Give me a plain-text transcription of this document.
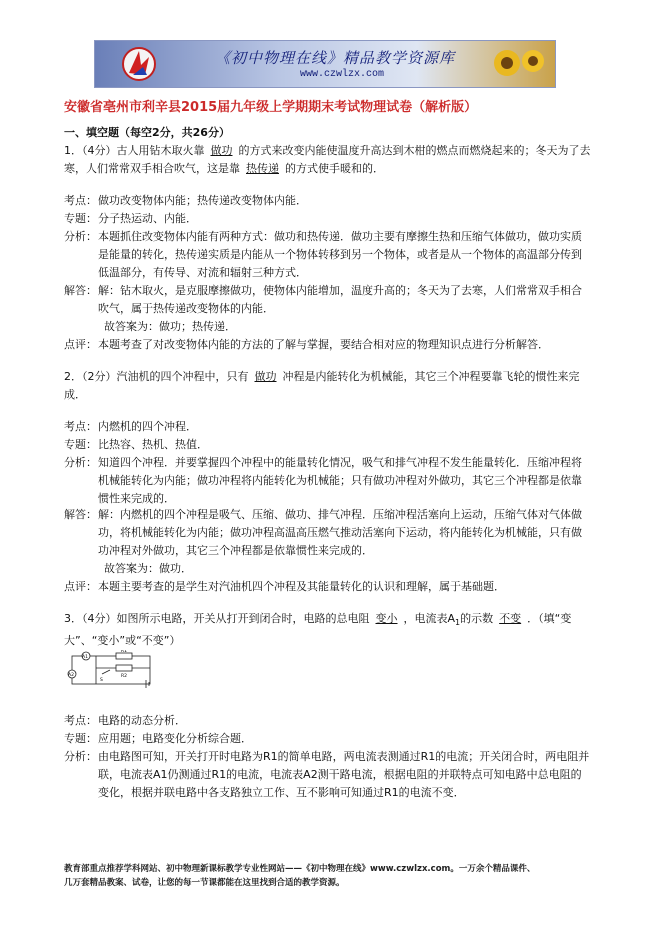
《初中物理在线》精品教学资源库
www.czwlzx.com
安徽省亳州市利辛县2015届九年级上学期期末考试物理试卷（解析版）
一、填空题（每空2分，共26分）
1．（4分）古人用钻木取火靠 做功 的方式来改变内能使温度升高达到木柑的燃点而燃烧起来的；冬天为了去寒，人们常常双手相合吹气，这是靠 热传递 的方式使手暖和的．
考点： 做功改变物体内能；热传递改变物体内能．
专题： 分子热运动、内能．
分析： 本题抓住改变物体内能有两种方式：做功和热传递．做功主要有摩擦生热和压缩气体做功，做功实质是能量的转化，热传递实质是内能从一个物体转移到另一个物体，或者是从一个物体的高温部分传到低温部分，有传导、对流和辐射三种方式．
解答： 解：钻木取火，是克服摩擦做功，使物体内能增加，温度升高的；冬天为了去寒，人们常常双手相合吹气，属于热传递改变物体的内能．
故答案为：做功；热传递．
点评： 本题考查了对改变物体内能的方法的了解与掌握，要结合相对应的物理知识点进行分析解答．
2．（2分）汽油机的四个冲程中，只有 做功 冲程是内能转化为机械能，其它三个冲程要靠飞轮的惯性来完成．
考点： 内燃机的四个冲程．
专题： 比热容、热机、热值．
分析： 知道四个冲程．并要掌握四个冲程中的能量转化情况，吸气和排气冲程不发生能量转化．压缩冲程将机械能转化为内能；做功冲程将内能转化为机械能；只有做功冲程对外做功，其它三个冲程都是依靠惯性来完成的．
解答： 解：内燃机的四个冲程是吸气、压缩、做功、排气冲程．压缩冲程活塞向上运动，压缩气体对气体做功，将机械能转化为内能；做功冲程高温高压燃气推动活塞向下运动，将内能转化为机械能，只有做功冲程对外做功，其它三个冲程都是依靠惯性来完成的．
故答案为：做功．
点评： 本题主要考查的是学生对汽油机四个冲程及其能量转化的认识和理解，属于基础题．
3．（4分）如图所示电路，开关从打开到闭合时，电路的总电阻 变小 ，电流表$A_1$的示数 不变 ．（填“变大”、“变小”或“不变”）
A1
A2
R1
R2
S
考点： 电路的动态分析．
专题： 应用题；电路变化分析综合题．
分析： 由电路图可知，开关打开时电路为R1的简单电路，两电流表测通过R1的电流；开关闭合时，两电阻并联，电流表A1仍测通过R1的电流，电流表A2测干路电流，根据电阻的并联特点可知电路中总电阻的变化，根据并联电路中各支路独立工作、互不影响可知通过R1的电流不变．
教育部重点推荐学科网站、初中物理新课标教学专业性网站——《初中物理在线》www.czwlzx.com。一万余个精品课件、
几万套精品教案、试卷，让您的每一节课都能在这里找到合适的教学资源。
